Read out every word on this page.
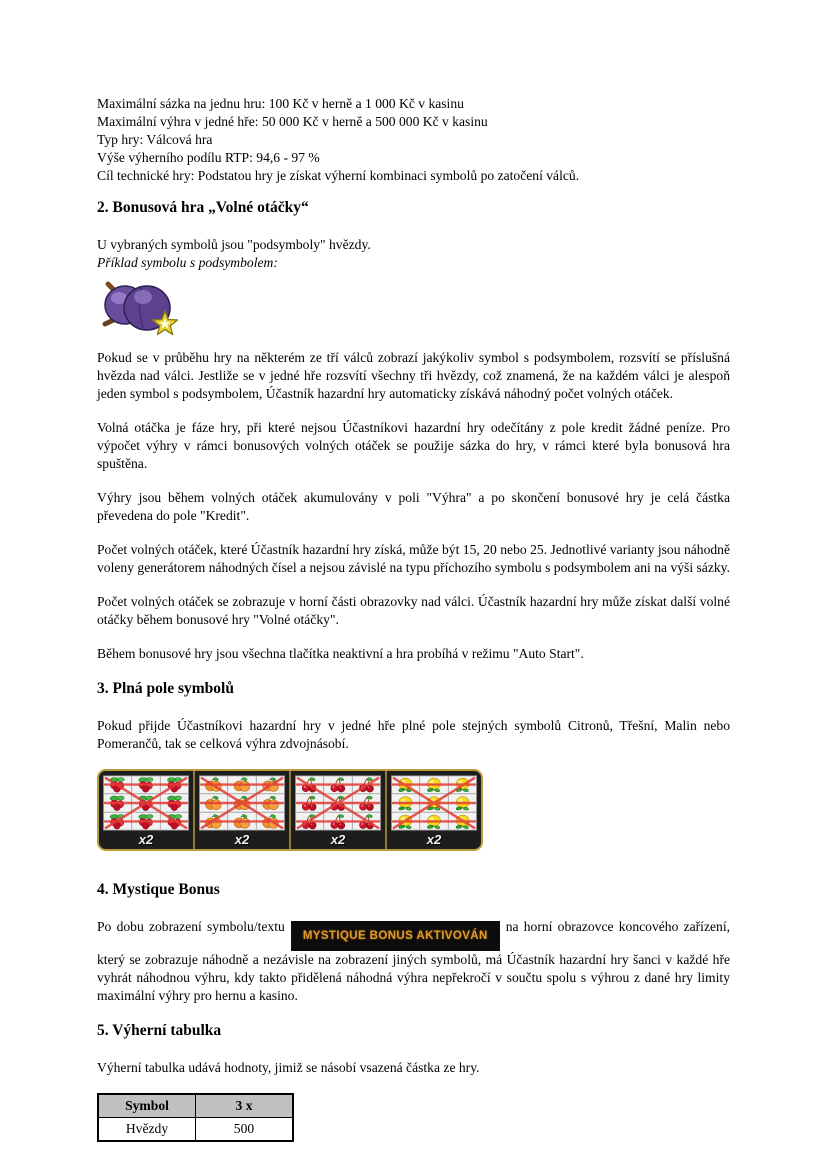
Maximální sázka na jednu hru: 100 Kč v herně a 1 000 Kč v kasinu

Maximální výhra v jedné hře: 50 000 Kč v herně a 500 000 Kč v kasinu

Typ hry: Válcová hra

Výše výherního podílu RTP: 94,6 - 97 %

Cíl technické hry: Podstatou hry je získat výherní kombinaci symbolů po zatočení válců.

2. Bonusová hra „Volné otáčky“

U vybraných symbolů jsou "podsymboly" hvězdy.

Příklad symbolu s podsymbolem:

Pokud se v průběhu hry na některém ze tří válců zobrazí jakýkoliv symbol s podsymbolem, rozsvítí se příslušná hvězda nad válci. Jestliže se v jedné hře rozsvítí všechny tři hvězdy, což znamená, že na každém válci je alespoň jeden symbol s podsymbolem, Účastník hazardní hry automaticky získává náhodný počet volných otáček.

Volná otáčka je fáze hry, při které nejsou Účastníkovi hazardní hry odečítány z pole kredit žádné peníze. Pro výpočet výhry v rámci bonusových volných otáček se použije sázka do hry, v rámci které byla bonusová hra spuštěna.

Výhry jsou během volných otáček akumulovány v poli "Výhra" a po skončení bonusové hry je celá částka převedena do pole "Kredit".

Počet volných otáček, které Účastník hazardní hry získá, může být 15, 20 nebo 25. Jednotlivé varianty jsou náhodně voleny generátorem náhodných čísel a nejsou závislé na typu příchozího symbolu s podsymbolem ani na výši sázky.

Počet volných otáček se zobrazuje v horní části obrazovky nad válci. Účastník hazardní hry může získat další volné otáčky během bonusové hry "Volné otáčky".

Během bonusové hry jsou všechna tlačítka neaktivní a hra probíhá v režimu "Auto Start".

3. Plná pole symbolů

Pokud přijde Účastníkovi hazardní hry v jedné hře plné pole stejných symbolů Citronů, Třešní, Malin nebo Pomerančů, tak se celková výhra zdvojnásobí.

x2	x2	x2	x2
4. Mystique Bonus

Po dobu zobrazení symbolu/textuMYSTIQUE BONUS AKTIVOVÁNna horní obrazovce koncového zařízení, který se zobrazuje náhodně a nezávisle na zobrazení jiných symbolů, má Účastník hazardní hry šanci v každé hře vyhrát náhodnou výhru, kdy takto přidělená náhodná výhra nepřekročí v součtu spolu s výhrou z dané hry limity maximální výhry pro hernu a kasino.

5. Výherní tabulka

Výherní tabulka udává hodnoty, jimiž se násobí vsazená částka ze hry.

Symbol	3 x
Hvězdy	500
